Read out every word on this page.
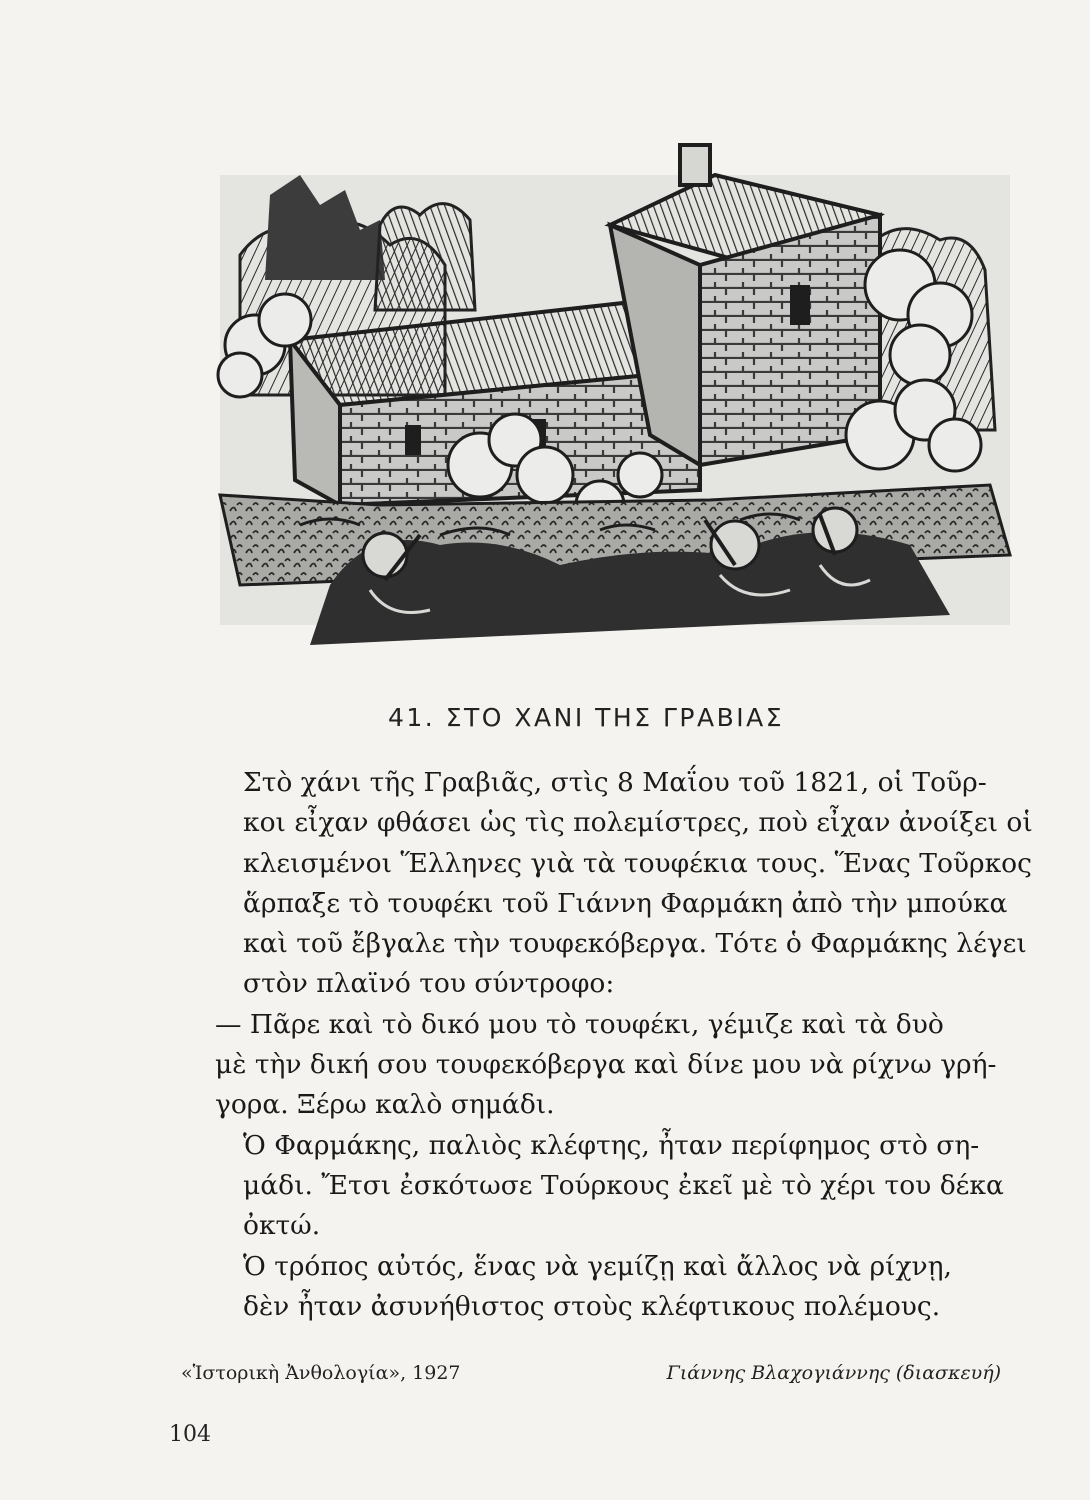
41. ΣΤΟ ΧΑΝΙ ΤΗΣ ΓΡΑΒΙΑΣ

Στὸ χάνι τῆς Γραβιᾶς, στὶς 8 Μαΐου τοῦ 1821, οἱ Τοῦρ-
κοι εἶχαν φθάσει ὡς τὶς πολεμίστρες, ποὺ εἶχαν ἀνοίξει οἱ
κλεισμένοι Ἕλληνες γιὰ τὰ τουφέκια τους. Ἕνας Τοῦρκος
ἅρπαξε τὸ τουφέκι τοῦ Γιάννη Φαρμάκη ἀπὸ τὴν μπούκα
καὶ τοῦ ἔβγαλε τὴν τουφεκόβεργα. Τότε ὁ Φαρμάκης λέγει
στὸν πλαϊνό του σύντροφο:

— Πᾶρε καὶ τὸ δικό μου τὸ τουφέκι, γέμιζε καὶ τὰ δυὸ
μὲ τὴν δική σου τουφεκόβεργα καὶ δίνε μου νὰ ρίχνω γρή-
γορα. Ξέρω καλὸ σημάδι.

Ὁ Φαρμάκης, παλιὸς κλέφτης, ἦταν περίφημος στὸ ση-
μάδι. Ἔτσι ἐσκότωσε Τούρκους ἐκεῖ μὲ τὸ χέρι του δέκα
ὀκτώ.

Ὁ τρόπος αὐτός, ἕνας νὰ γεμίζῃ καὶ ἄλλος νὰ ρίχνῃ,
δὲν ἦταν ἀσυνήθιστος στοὺς κλέφτικους πολέμους.

«Ἱστορικὴ Ἀνθολογία», 1927	Γιάννης Βλαχογιάννης (διασκευή)
104
